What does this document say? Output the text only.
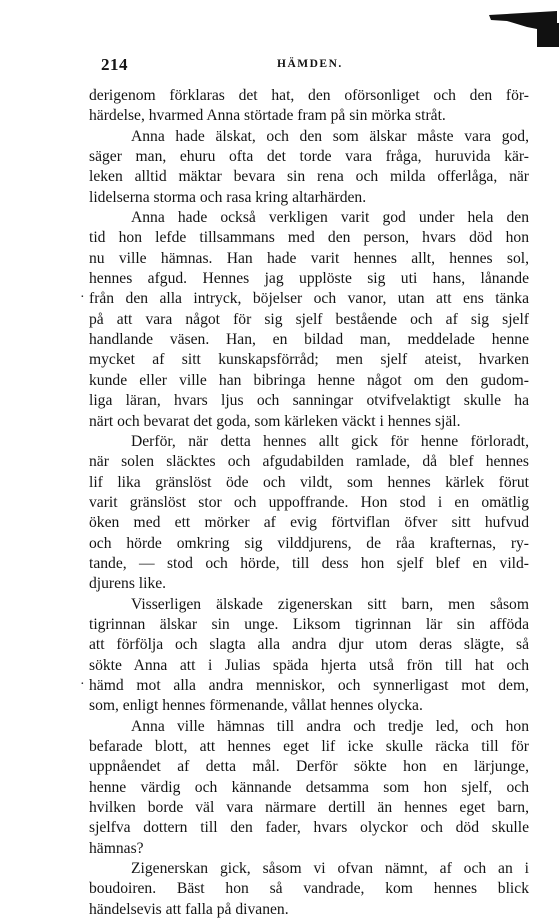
214	HÄMDEN.
derigenom förklaras det hat, den oförsonliget och den för-
härdelse, hvarmed Anna störtade fram på sin mörka stråt.
Anna hade älskat, och den som älskar måste vara god,
säger man, ehuru ofta det torde vara fråga, huruvida kär-
leken alltid mäktar bevara sin rena och milda offerlåga, när
lidelserna storma och rasa kring altarhärden.
Anna hade också verkligen varit god under hela den
tid hon lefde tillsammans med den person, hvars död hon
nu ville hämnas. Han hade varit hennes allt, hennes sol,
hennes afgud. Hennes jag upplöste sig uti hans, lånande
från den alla intryck, böjelser och vanor, utan att ens tänka
på att vara något för sig sjelf bestående och af sig sjelf
handlande väsen. Han, en bildad man, meddelade henne
mycket af sitt kunskapsförråd; men sjelf ateist, hvarken
kunde eller ville han bibringa henne något om den gudom-
liga läran, hvars ljus och sanningar otvifvelaktigt skulle ha
närt och bevarat det goda, som kärleken väckt i hennes själ.
Derför, när detta hennes allt gick för henne förloradt,
när solen släcktes och afgudabilden ramlade, då blef hennes
lif lika gränslöst öde och vildt, som hennes kärlek förut
varit gränslöst stor och uppoffrande. Hon stod i en omätlig
öken med ett mörker af evig förtviflan öfver sitt hufvud
och hörde omkring sig vilddjurens, de råa krafternas, ry-
tande, — stod och hörde, till dess hon sjelf blef en vild-
djurens like.
Visserligen älskade zigenerskan sitt barn, men såsom
tigrinnan älskar sin unge. Liksom tigrinnan lär sin afföda
att förfölja och slagta alla andra djur utom deras slägte, så
sökte Anna att i Julias späda hjerta utså frön till hat och
hämd mot alla andra menniskor, och synnerligast mot dem,
som, enligt hennes förmenande, vållat hennes olycka.
Anna ville hämnas till andra och tredje led, och hon
befarade blott, att hennes eget lif icke skulle räcka till för
uppnåendet af detta mål. Derför sökte hon en lärjunge,
henne värdig och kännande detsamma som hon sjelf, och
hvilken borde väl vara närmare dertill än hennes eget barn,
sjelfva dottern till den fader, hvars olyckor och död skulle
hämnas?
Zigenerskan gick, såsom vi ofvan nämnt, af och an i
boudoiren. Bäst hon så vandrade, kom hennes blick
händelsevis att falla på divanen.
·
·
